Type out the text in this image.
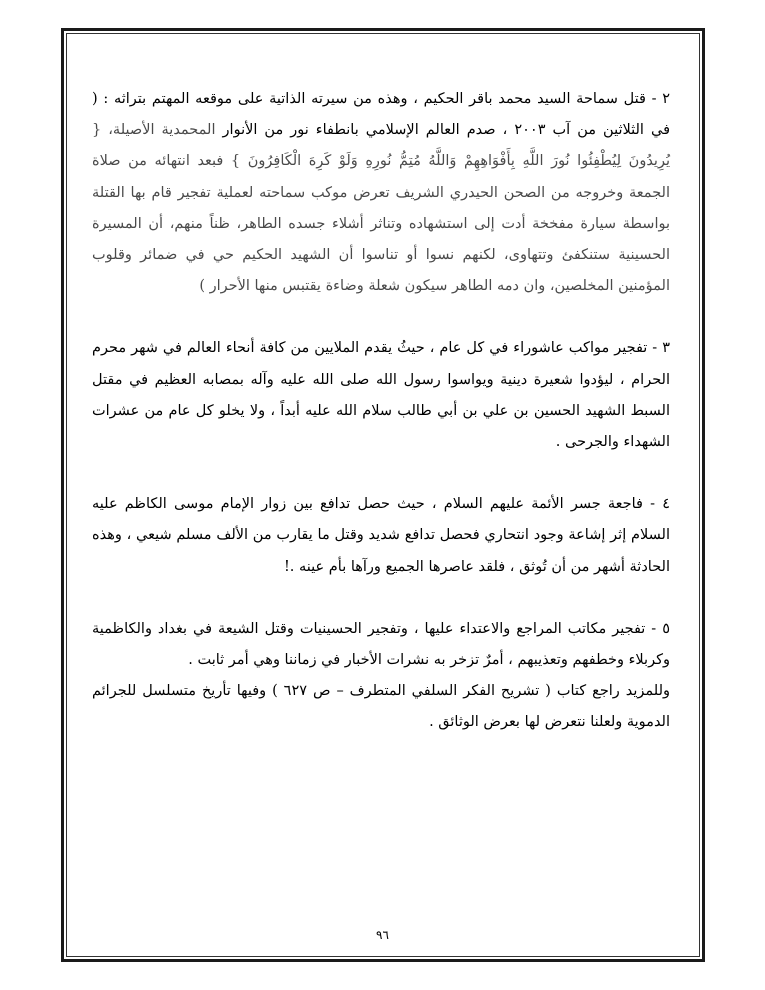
٢ - قتل سماحة السيد محمد باقر الحكيم ، وهذه من سيرته الذاتية على موقعه المهتم بتراثه : ( في الثلاثين من آب ٢٠٠٣ ، صدم العالم الإسلامي بانطفاء نور من الأنوار المحمدية الأصيلة، { يُرِيدُونَ لِيُطْفِئُوا نُورَ اللَّهِ بِأَفْوَاهِهِمْ وَاللَّهُ مُتِمُّ نُورِهِ وَلَوْ كَرِهَ الْكَافِرُونَ } فبعد انتهائه من صلاة الجمعة وخروجه من الصحن الحيدري الشريف تعرض موكب سماحته لعملية تفجير قام بها القتلة بواسطة سيارة مفخخة أدت إلى استشهاده وتناثر أشلاء جسده الطاهر، ظناً منهم، أن المسيرة الحسينية ستنكفئ وتتهاوى، لكنهم نسوا أو تناسوا أن الشهيد الحكيم حي في ضمائر وقلوب المؤمنين المخلصين، وان دمه الطاهر سيكون شعلة وضاءة يقتبس منها الأحرار )

٣ - تفجير مواكب عاشوراء في كل عام ، حيثُ يقدم الملايين من كافة أنحاء العالم في شهر محرم الحرام ، ليؤدوا شعيرة دينية ويواسوا رسول الله صلى الله عليه وآله بمصابه العظيم في مقتل السبط الشهيد الحسين بن علي بن أبي طالب سلام الله عليه أبداً ، ولا يخلو كل عام من عشرات الشهداء والجرحى .

٤ - فاجعة جسر الأئمة عليهم السلام ، حيث حصل تدافع بين زوار الإمام موسى الكاظم عليه السلام إثر إشاعة وجود انتحاري فحصل تدافع شديد وقتل ما يقارب من الألف مسلم شيعي ، وهذه الحادثة أشهر من أن تُوثق ، فلقد عاصرها الجميع ورآها بأم عينه .!

٥ - تفجير مكاتب المراجع والاعتداء عليها ، وتفجير الحسينيات وقتل الشيعة في بغداد والكاظمية وكربلاء وخطفهم وتعذيبهم ، أمرٌ تزخر به نشرات الأخبار في زماننا وهي أمر ثابت .

وللمزيد راجع كتاب ( تشريح الفكر السلفي المتطرف – ص ٦٢٧ ) وفيها تأريخ متسلسل للجرائم الدموية ولعلنا نتعرض لها بعرض الوثائق .

٩٦
